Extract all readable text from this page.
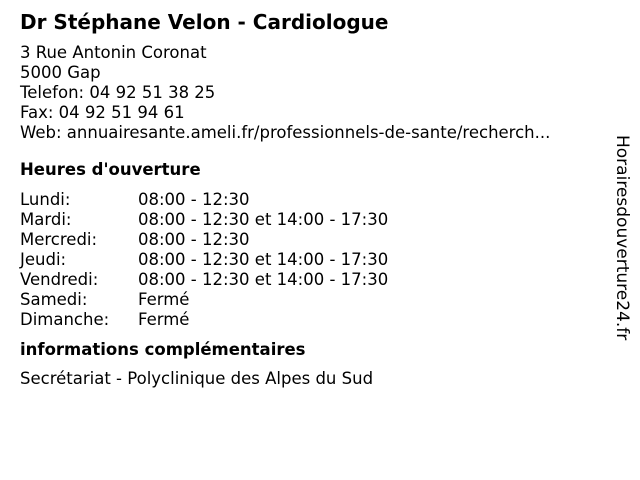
Dr Stéphane Velon - Cardiologue
3 Rue Antonin Coronat
5000 Gap
Telefon: 04 92 51 38 25
Fax: 04 92 51 94 61
Web: annuairesante.ameli.fr/professionnels-de-sante/recherch...
Heures d'ouverture
Lundi:	08:00 - 12:30
Mardi:	08:00 - 12:30 et 14:00 - 17:30
Mercredi:	08:00 - 12:30
Jeudi:	08:00 - 12:30 et 14:00 - 17:30
Vendredi:	08:00 - 12:30 et 14:00 - 17:30
Samedi:	Fermé
Dimanche:	Fermé
informations complémentaires
Secrétariat - Polyclinique des Alpes du Sud
Horairesdouverture24.fr
